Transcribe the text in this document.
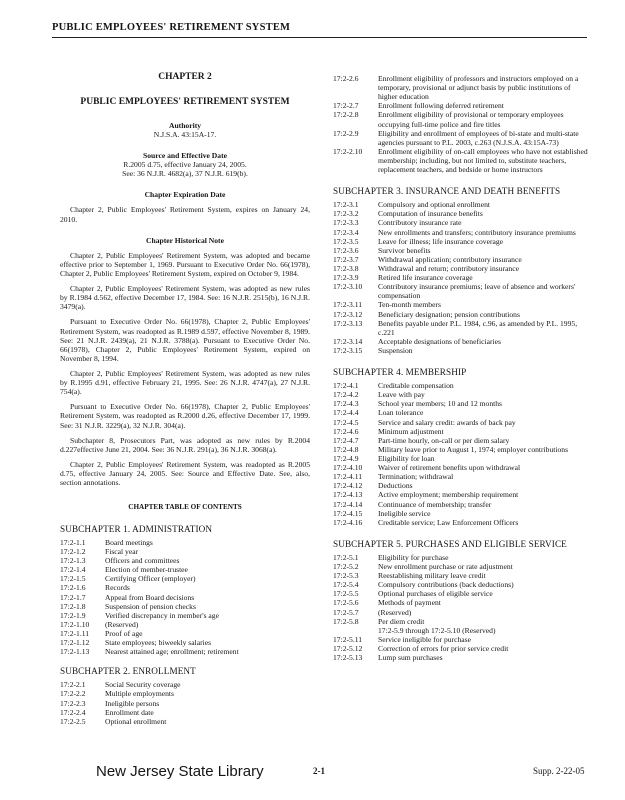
PUBLIC EMPLOYEES' RETIREMENT SYSTEM
CHAPTER 2
PUBLIC EMPLOYEES' RETIREMENT SYSTEM
Authority
N.J.S.A. 43:15A-17.
Source and Effective Date
R.2005 d.75, effective January 24, 2005.
See: 36 N.J.R. 4682(a), 37 N.J.R. 619(b).
Chapter Expiration Date

Chapter 2, Public Employees' Retirement System, expires on January 24, 2010.

Chapter Historical Note

Chapter 2, Public Employees' Retirement System, was adopted and became effective prior to September 1, 1969. Pursuant to Executive Order No. 66(1978), Chapter 2, Public Employees' Retirement System, expired on October 9, 1984.

Chapter 2, Public Employees' Retirement System, was adopted as new rules by R.1984 d.562, effective December 17, 1984. See: 16 N.J.R. 2515(b), 16 N.J.R. 3479(a).

Pursuant to Executive Order No. 66(1978), Chapter 2, Public Employees' Retirement System, was readopted as R.1989 d.597, effective November 8, 1989. See: 21 N.J.R. 2439(a), 21 N.J.R. 3788(a). Pursuant to Executive Order No. 66(1978), Chapter 2, Public Employees' Retirement System, expired on November 8, 1994.

Chapter 2, Public Employees' Retirement System, was adopted as new rules by R.1995 d.91, effective February 21, 1995. See: 26 N.J.R. 4747(a), 27 N.J.R. 754(a).

Pursuant to Executive Order No. 66(1978), Chapter 2, Public Employees' Retirement System, was readopted as R.2000 d.26, effective December 17, 1999. See: 31 N.J.R. 3229(a), 32 N.J.R. 304(a).

Subchapter 8, Prosecutors Part, was adopted as new rules by R.2004 d.227effective June 21, 2004. See: 36 N.J.R. 291(a), 36 N.J.R. 3068(a).

Chapter 2, Public Employees' Retirement System, was readopted as R.2005 d.75, effective January 24, 2005. See: Source and Effective Date. See, also, section annotations.

CHAPTER TABLE OF CONTENTS
SUBCHAPTER 1. ADMINISTRATION
17:2-1.1	Board meetings
17:2-1.2	Fiscal year
17:2-1.3	Officers and committees
17:2-1.4	Election of member-trustee
17:2-1.5	Certifying Officer (employer)
17:2-1.6	Records
17:2-1.7	Appeal from Board decisions
17:2-1.8	Suspension of pension checks
17:2-1.9	Verified discrepancy in member's age
17:2-1.10	(Reserved)
17:2-1.11	Proof of age
17:2-1.12	State employees; biweekly salaries
17:2-1.13	Nearest attained age; enrollment; retirement
SUBCHAPTER 2. ENROLLMENT
17:2-2.1	Social Security coverage
17:2-2.2	Multiple employments
17:2-2.3	Ineligible persons
17:2-2.4	Enrollment date
17:2-2.5	Optional enrollment
17:2-2.6	Enrollment eligibility of professors and instructors employed on a temporary, provisional or adjunct basis by public institutions of higher education
17:2-2.7	Enrollment following deferred retirement
17:2-2.8	Enrollment eligibility of provisional or temporary employees occupying full-time police and fire titles
17:2-2.9	Eligibility and enrollment of employees of bi-state and multi-state agencies pursuant to P.L. 2003, c.263 (N.J.S.A. 43:15A-73)
17:2-2.10	Enrollment eligibility of on-call employees who have not established membership; including, but not limited to, substitute teachers, replacement teachers, and bedside or home instructors
SUBCHAPTER 3. INSURANCE AND DEATH BENEFITS
17:2-3.1	Compulsory and optional enrollment
17:2-3.2	Computation of insurance benefits
17:2-3.3	Contributory insurance rate
17:2-3.4	New enrollments and transfers; contributory insurance premiums
17:2-3.5	Leave for illness; life insurance coverage
17:2-3.6	Survivor benefits
17:2-3.7	Withdrawal application; contributory insurance
17:2-3.8	Withdrawal and return; contributory insurance
17:2-3.9	Retired life insurance coverage
17:2-3.10	Contributory insurance premiums; leave of absence and workers' compensation
17:2-3.11	Ten-month members
17:2-3.12	Beneficiary designation; pension contributions
17:2-3.13	Benefits payable under P.L. 1984, c.96, as amended by P.L. 1995, c.221
17:2-3.14	Acceptable designations of beneficiaries
17:2-3.15	Suspension
SUBCHAPTER 4. MEMBERSHIP
17:2-4.1	Creditable compensation
17:2-4.2	Leave with pay
17:2-4.3	School year members; 10 and 12 months
17:2-4.4	Loan tolerance
17:2-4.5	Service and salary credit: awards of back pay
17:2-4.6	Minimum adjustment
17:2-4.7	Part-time hourly, on-call or per diem salary
17:2-4.8	Military leave prior to August 1, 1974; employer contributions
17:2-4.9	Eligibility for loan
17:2-4.10	Waiver of retirement benefits upon withdrawal
17:2-4.11	Termination; withdrawal
17:2-4.12	Deductions
17:2-4.13	Active employment; membership requirement
17:2-4.14	Continuance of membership; transfer
17:2-4.15	Ineligible service
17:2-4.16	Creditable service; Law Enforcement Officers
SUBCHAPTER 5. PURCHASES AND ELIGIBLE SERVICE
17:2-5.1	Eligibility for purchase
17:2-5.2	New enrollment purchase or rate adjustment
17:2-5.3	Reestablishing military leave credit
17:2-5.4	Compulsory contributions (back deductions)
17:2-5.5	Optional purchases of eligible service
17:2-5.6	Methods of payment
17:2-5.7	(Reserved)
17:2-5.8	Per diem credit
17:2-5.9 through 17:2-5.10 (Reserved)
17:2-5.11	Service ineligible for purchase
17:2-5.12	Correction of errors for prior service credit
17:2-5.13	Lump sum purchases
New Jersey State Library	2-1	Supp. 2-22-05
